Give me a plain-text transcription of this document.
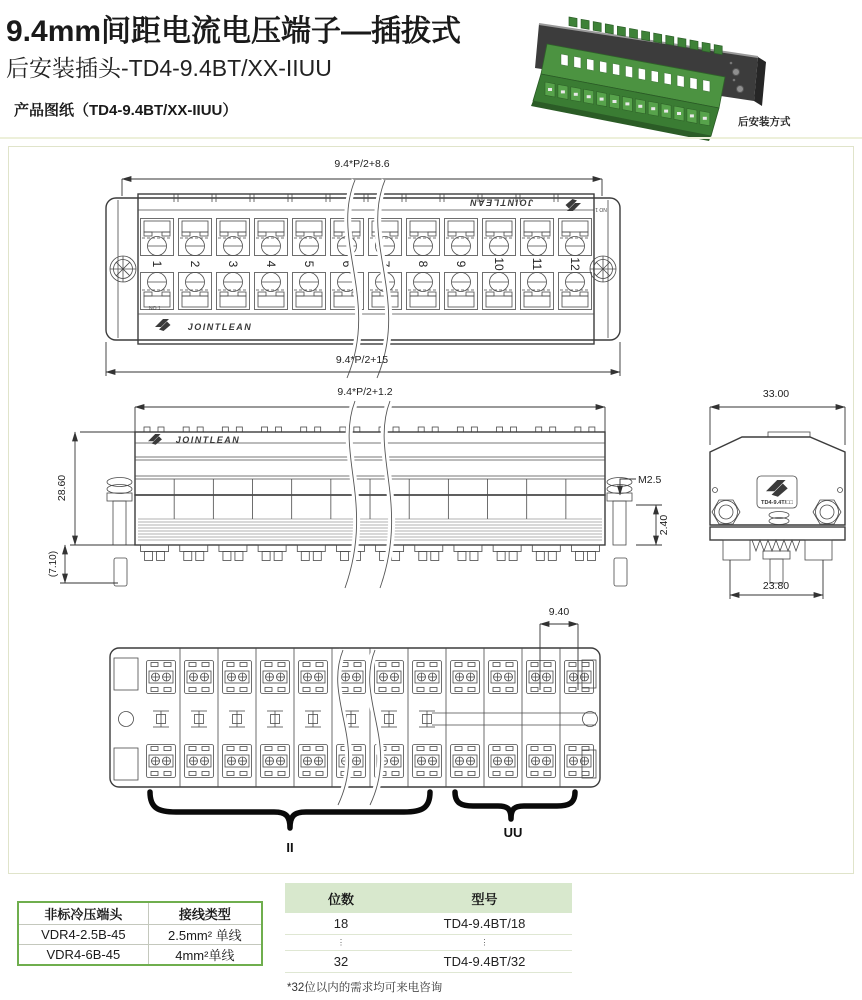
9.4mm间距电流电压端子—插拔式
后安装插头-TD4-9.4BT/XX-IIUU
产品图纸（TD4-9.4BT/XX-IIUU）
后安装方式
9.4*P/2+8.6
JOINTLEAN
NO 1
1 2 3 4 5 6 7 8 9 10 11 12
NO 1
JOINTLEAN
9.4*P/2+15
9.4*P/2+1.2
JOINTLEAN
28.60
(7.10)
M2.5
2.40
33.00
TD4-9.4T/□□
23.80
9.40
II
UU
非标冷压端头	接线类型
VDR4-2.5B-45	2.5mm² 单线
VDR4-6B-45	4mm²单线
位数	型号
18	TD4-9.4BT/18
⋮	⋮
32	TD4-9.4BT/32
*32位以内的需求均可来电咨询
